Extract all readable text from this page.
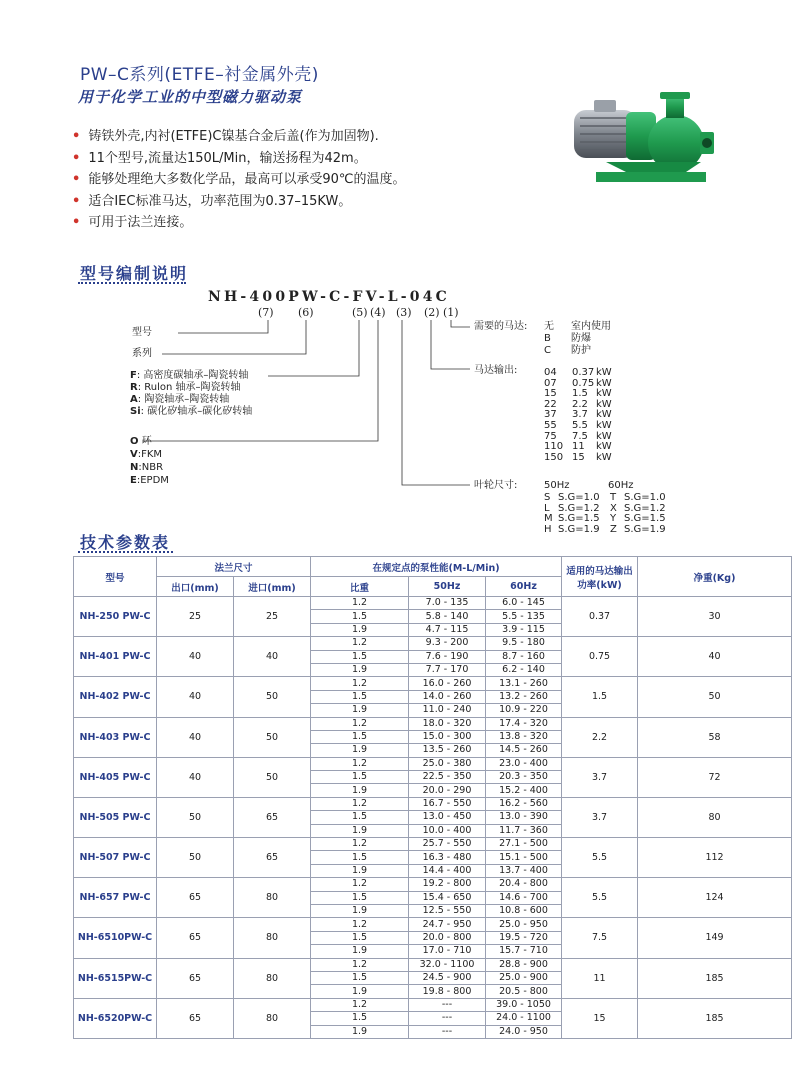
PW–C系列(ETFE–衬金属外壳)
用于化学工业的中型磁力驱动泵
• 铸铁外壳,内衬(ETFE)C镍基合金后盖(作为加固物).
• 11个型号,流量达150L/Min，输送扬程为42m。
• 能够处理绝大多数化学品，最高可以承受90℃的温度。
• 适合IEC标准马达，功率范围为0.37–15KW。
• 可用于法兰连接。
型号编制说明
NH-400PW-C-FV-L-04C
(7) (6)	(5) (4) (3) (2) (1)
型号
系列
F: 高密度碳轴承–陶瓷转轴
R: Rulon 轴承–陶瓷转轴
A: 陶瓷轴承–陶瓷转轴
Si: 碳化矽轴承–碳化矽转轴
O 环
V:FKM
N:NBR
E:EPDM
需要的马达: 无 室内使用
B 防爆
C 防护
马达输出:	04 0.37 kW
07 0.75 kW
15 1.5 kW
22 2.2 kW
37 3.7 kW
55 5.5 kW
75 7.5 kW
110 11 kW
150 15 kW
叶轮尺寸:	50Hz	60Hz
S S.G=1.0 T S.G=1.0
L S.G=1.2 X S.G=1.2
M S.G=1.5 Y S.G=1.5
H S.G=1.9 Z S.G=1.9
技术参数表
型号	法兰尺寸		在规定点的泵性能(M-L/Min)			适用的马达输出功率(kW)	净重(Kg)
	出口(mm)	进口(mm)	比重	50Hz	60Hz		
NH-250 PW-C	25	25	1.2	7.0 - 135	6.0 - 145	0.37	30
			1.5	5.8 - 140	5.5 - 135		
			1.9	4.7 - 115	3.9 - 115		
NH-401 PW-C	40	40	1.2	9.3 - 200	9.5 - 180	0.75	40
			1.5	7.6 - 190	8.7 - 160		
			1.9	7.7 - 170	6.2 - 140		
NH-402 PW-C	40	50	1.2	16.0 - 260	13.1 - 260	1.5	50
			1.5	14.0 - 260	13.2 - 260		
			1.9	11.0 - 240	10.9 - 220		
NH-403 PW-C	40	50	1.2	18.0 - 320	17.4 - 320	2.2	58
			1.5	15.0 - 300	13.8 - 320		
			1.9	13.5 - 260	14.5 - 260		
NH-405 PW-C	40	50	1.2	25.0 - 380	23.0 - 400	3.7	72
			1.5	22.5 - 350	20.3 - 350		
			1.9	20.0 - 290	15.2 - 400		
NH-505 PW-C	50	65	1.2	16.7 - 550	16.2 - 560	3.7	80
			1.5	13.0 - 450	13.0 - 390		
			1.9	10.0 - 400	11.7 - 360		
NH-507 PW-C	50	65	1.2	25.7 - 550	27.1 - 500	5.5	112
			1.5	16.3 - 480	15.1 - 500		
			1.9	14.4 - 400	13.7 - 400		
NH-657 PW-C	65	80	1.2	19.2 - 800	20.4 - 800	5.5	124
			1.5	15.4 - 650	14.6 - 700		
			1.9	12.5 - 550	10.8 - 600		
NH-6510PW-C	65	80	1.2	24.7 - 950	25.0 - 950	7.5	149
			1.5	20.0 - 800	19.5 - 720		
			1.9	17.0 - 710	15.7 - 710		
NH-6515PW-C	65	80	1.2	32.0 - 1100	28.8 - 900	11	185
			1.5	24.5 - 900	25.0 - 900		
			1.9	19.8 - 800	20.5 - 800		
NH-6520PW-C	65	80	1.2	---	39.0 - 1050	15	185
			1.5	---	24.0 - 1100		
			1.9	---	24.0 - 950		
